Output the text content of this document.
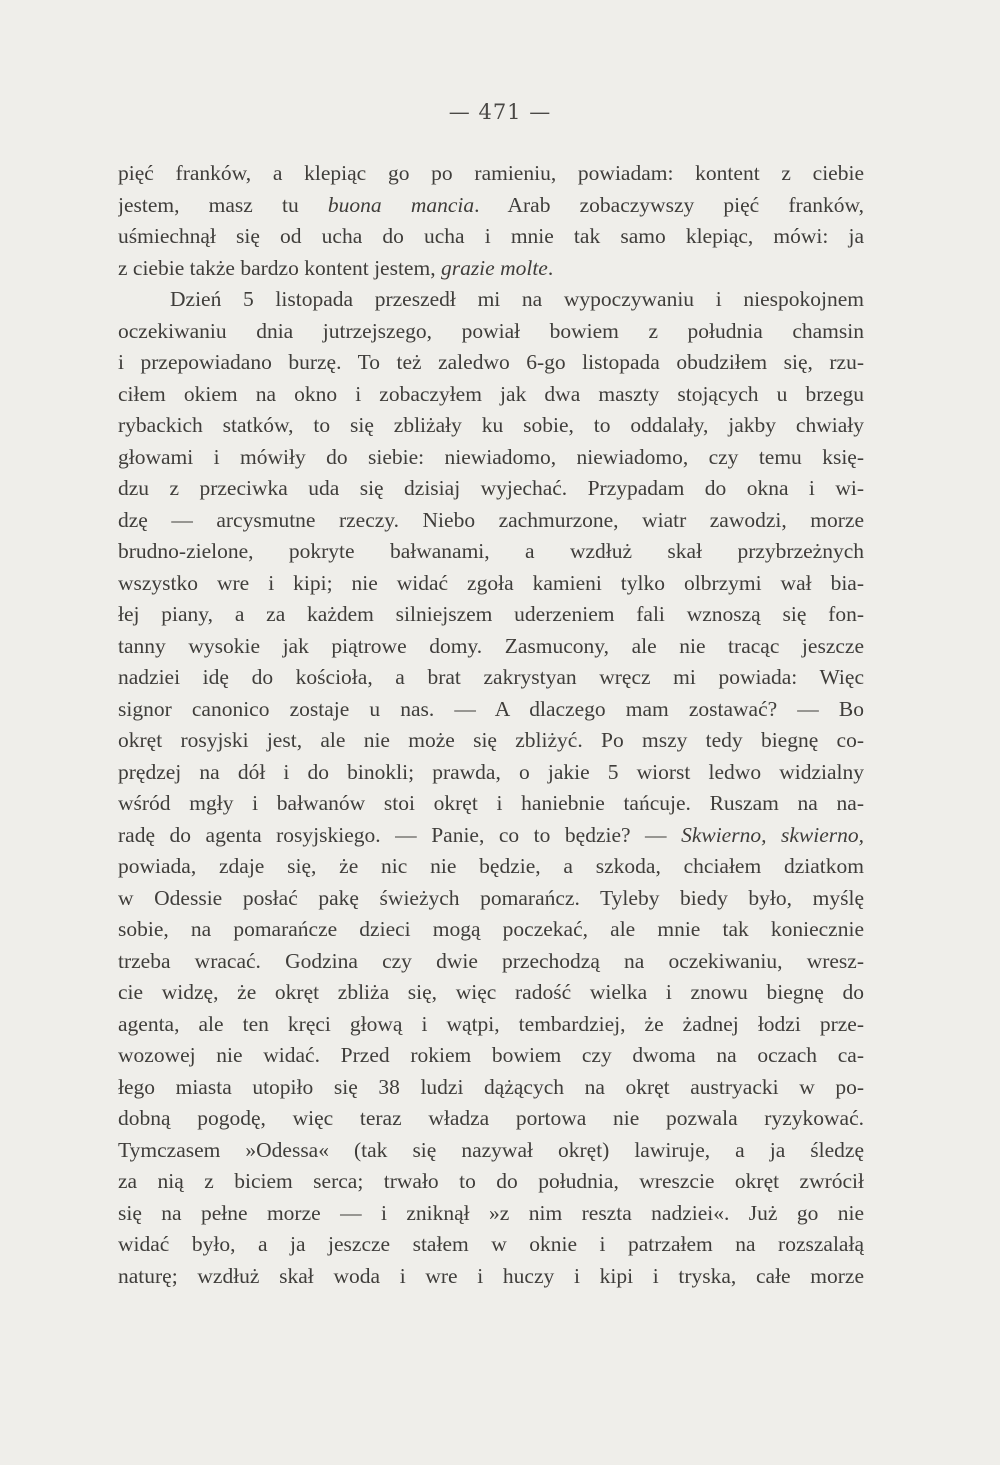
— 471 —
pięć franków, a klepiąc go po ramieniu, powiadam: kontent z ciebie
jestem, masz tu buona mancia. Arab zobaczywszy pięć franków,
uśmiechnął się od ucha do ucha i mnie tak samo klepiąc, mówi: ja
z ciebie także bardzo kontent jestem, grazie molte.
Dzień 5 listopada przeszedł mi na wypoczywaniu i niespokojnem
oczekiwaniu dnia jutrzejszego, powiał bowiem z południa chamsin
i przepowiadano burzę. To też zaledwo 6-go listopada obudziłem się, rzu-
ciłem okiem na okno i zobaczyłem jak dwa maszty stojących u brzegu
rybackich statków, to się zbliżały ku sobie, to oddalały, jakby chwiały
głowami i mówiły do siebie: niewiadomo, niewiadomo, czy temu księ-
dzu z przeciwka uda się dzisiaj wyjechać. Przypadam do okna i wi-
dzę — arcysmutne rzeczy. Niebo zachmurzone, wiatr zawodzi, morze
brudno-zielone, pokryte bałwanami, a wzdłuż skał przybrzeżnych
wszystko wre i kipi; nie widać zgoła kamieni tylko olbrzymi wał bia-
łej piany, a za każdem silniejszem uderzeniem fali wznoszą się fon-
tanny wysokie jak piątrowe domy. Zasmucony, ale nie tracąc jeszcze
nadziei idę do kościoła, a brat zakrystyan wręcz mi powiada: Więc
signor canonico zostaje u nas. — A dlaczego mam zostawać? — Bo
okręt rosyjski jest, ale nie może się zbliżyć. Po mszy tedy biegnę co-
prędzej na dół i do binokli; prawda, o jakie 5 wiorst ledwo widzialny
wśród mgły i bałwanów stoi okręt i haniebnie tańcuje. Ruszam na na-
radę do agenta rosyjskiego. — Panie, co to będzie? — Skwierno, skwierno,
powiada, zdaje się, że nic nie będzie, a szkoda, chciałem dziatkom
w Odessie posłać pakę świeżych pomarańcz. Tyleby biedy było, myślę
sobie, na pomarańcze dzieci mogą poczekać, ale mnie tak koniecznie
trzeba wracać. Godzina czy dwie przechodzą na oczekiwaniu, wresz-
cie widzę, że okręt zbliża się, więc radość wielka i znowu biegnę do
agenta, ale ten kręci głową i wątpi, tembardziej, że żadnej łodzi prze-
wozowej nie widać. Przed rokiem bowiem czy dwoma na oczach ca-
łego miasta utopiło się 38 ludzi dążących na okręt austryacki w po-
dobną pogodę, więc teraz władza portowa nie pozwala ryzykować.
Tymczasem »Odessa« (tak się nazywał okręt) lawiruje, a ja śledzę
za nią z biciem serca; trwało to do południa, wreszcie okręt zwrócił
się na pełne morze — i zniknął »z nim reszta nadziei«. Już go nie
widać było, a ja jeszcze stałem w oknie i patrzałem na rozszalałą
naturę; wzdłuż skał woda i wre i huczy i kipi i tryska, całe morze
